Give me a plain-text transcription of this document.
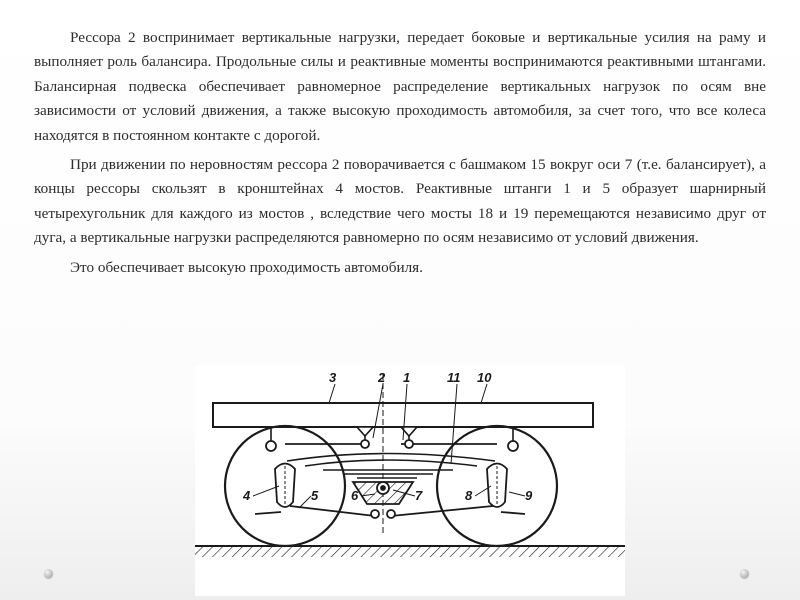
Рессора 2 воспринимает вертикальные нагрузки, передает боковые и вертикальные усилия на раму и выполняет роль балансира. Продольные силы и реактивные моменты воспринимаются реактивными штангами. Балансирная подвеска обеспечивает равномерное распределение вертикальных нагрузок по осям вне зависимости от условий движения, а также высокую проходимость автомобиля, за счет того, что все колеса находятся в постоянном контакте с дорогой.

При движении по неровностям рессора 2 поворачивается с башмаком 15 вокруг оси 7 (т.е. балансирует), а концы рессоры скользят в кронштейнах 4 мостов. Реактивные штанги 1 и 5 образует шарнирный четырехугольник для каждого из мостов , вследствие чего мосты 18 и 19 перемещаются независимо друг от дуга, а вертикальные нагрузки распределяются равномерно по осям независимо от условий движения.

Это обеспечивает высокую проходимость автомобиля.

3	2 1	11 10
4	5	6	7	8	9
